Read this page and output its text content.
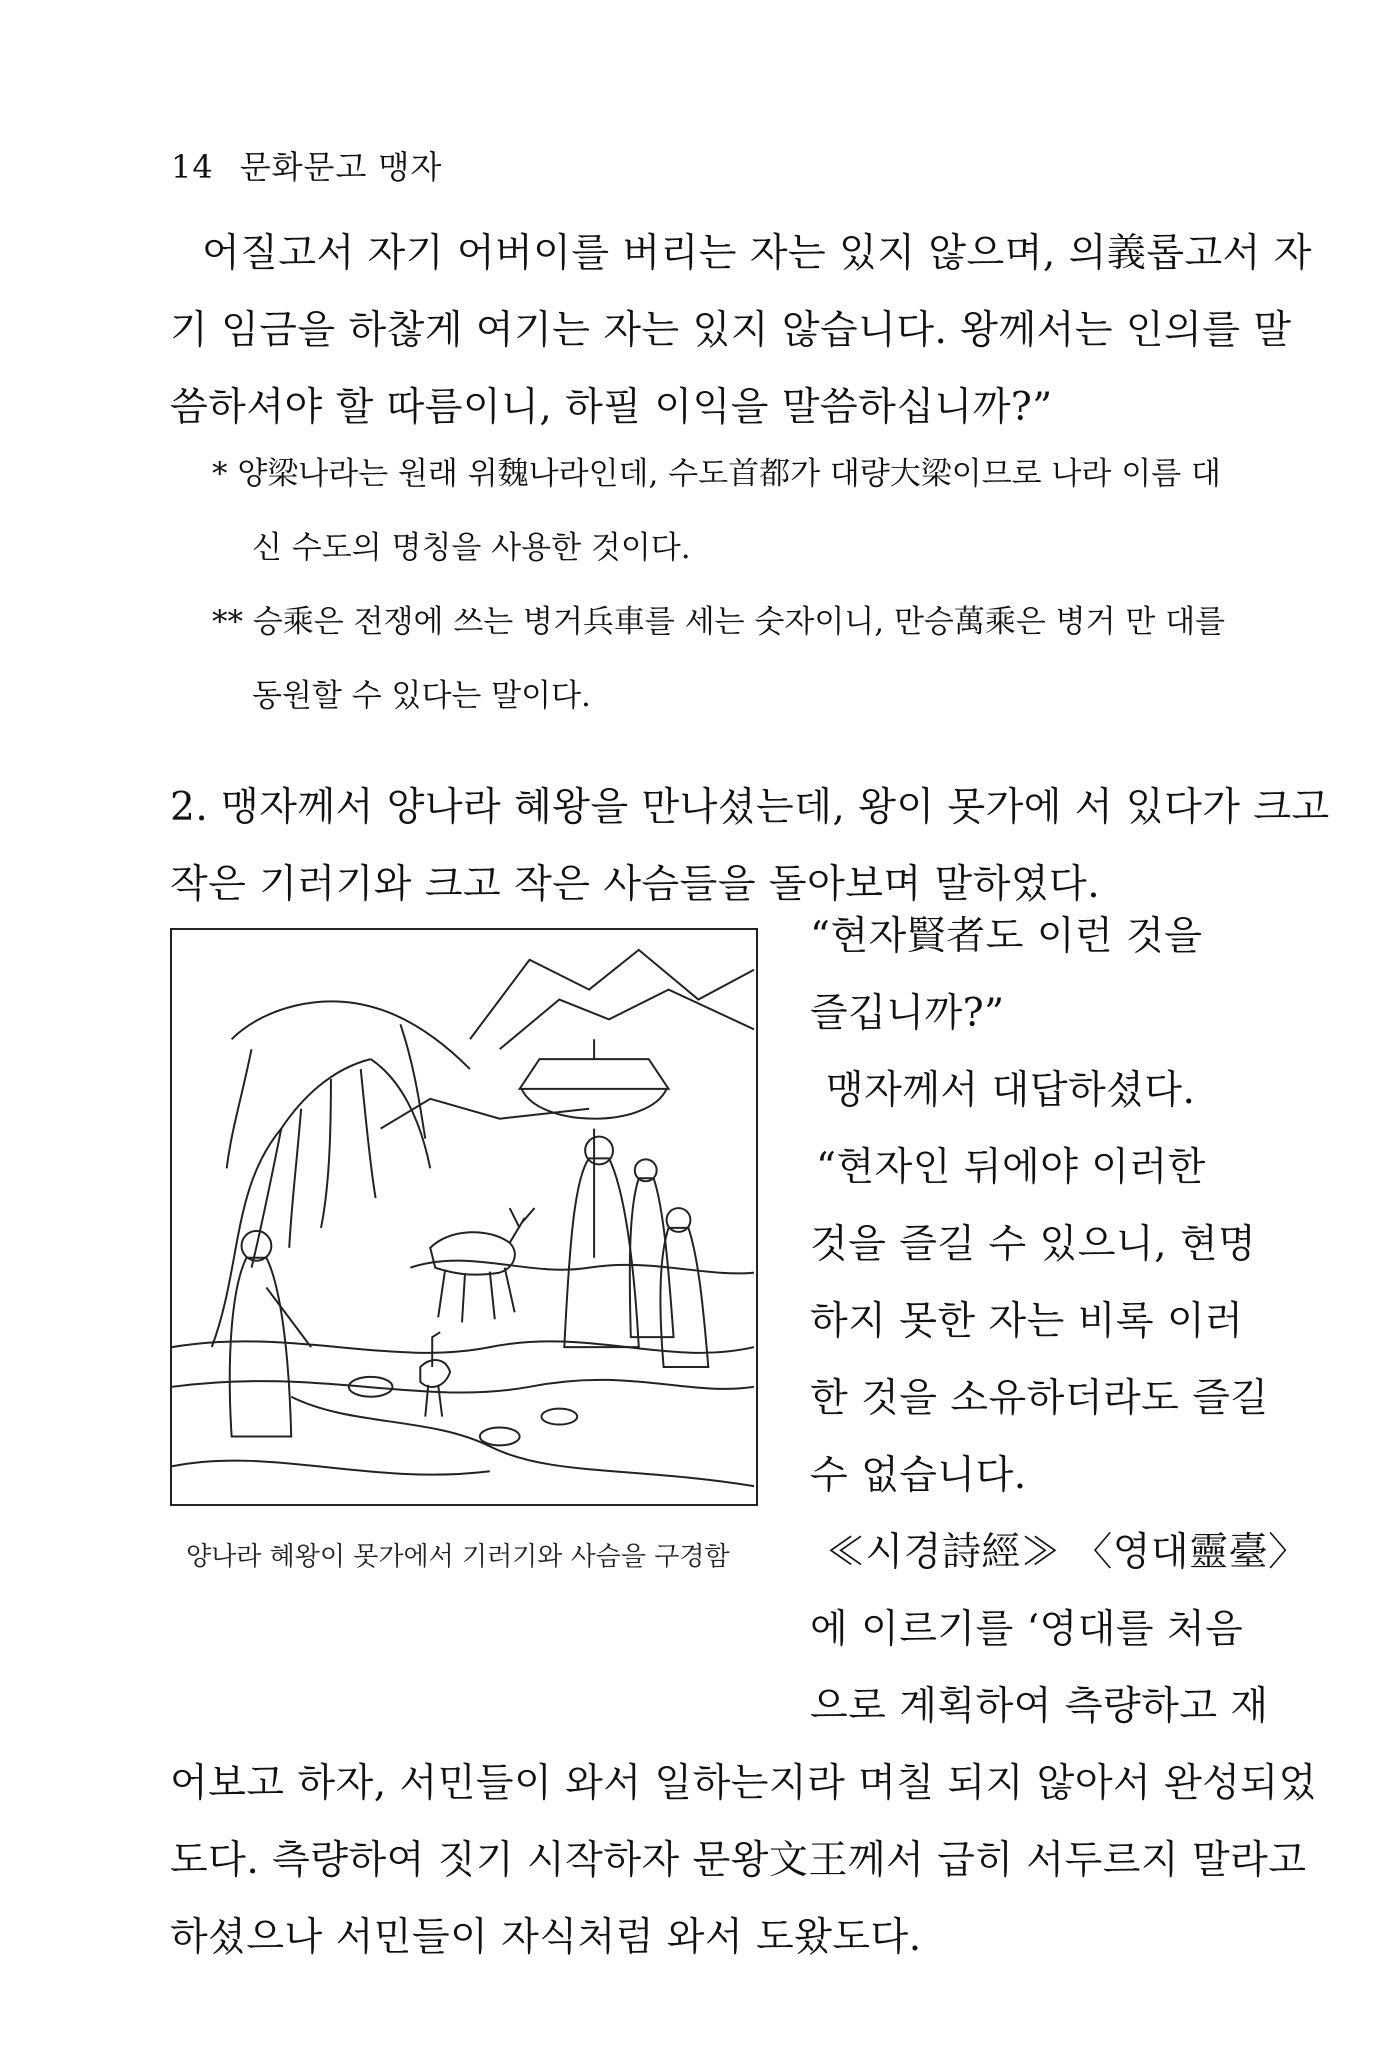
14 문화문고 맹자
어질고서 자기 어버이를 버리는 자는 있지 않으며, 의義롭고서 자
기 임금을 하찮게 여기는 자는 있지 않습니다. 왕께서는 인의를 말
씀하셔야 할 따름이니, 하필 이익을 말씀하십니까?”
* 양梁나라는 원래 위魏나라인데, 수도首都가 대량大梁이므로 나라 이름 대
신 수도의 명칭을 사용한 것이다.
** 승乘은 전쟁에 쓰는 병거兵車를 세는 숫자이니, 만승萬乘은 병거 만 대를
동원할 수 있다는 말이다.
2. 맹자께서 양나라 혜왕을 만나셨는데, 왕이 못가에 서 있다가 크고
작은 기러기와 크고 작은 사슴들을 돌아보며 말하였다.
양나라 혜왕이 못가에서 기러기와 사슴을 구경함
“현자賢者도 이런 것을
즐깁니까?”
맹자께서 대답하셨다.
“현자인 뒤에야 이러한
것을 즐길 수 있으니, 현명
하지 못한 자는 비록 이러
한 것을 소유하더라도 즐길
수 없습니다.
≪시경詩經≫ 〈영대靈臺〉
에 이르기를 ‘영대를 처음
으로 계획하여 측량하고 재
어보고 하자, 서민들이 와서 일하는지라 며칠 되지 않아서 완성되었
도다. 측량하여 짓기 시작하자 문왕文王께서 급히 서두르지 말라고
하셨으나 서민들이 자식처럼 와서 도왔도다.
